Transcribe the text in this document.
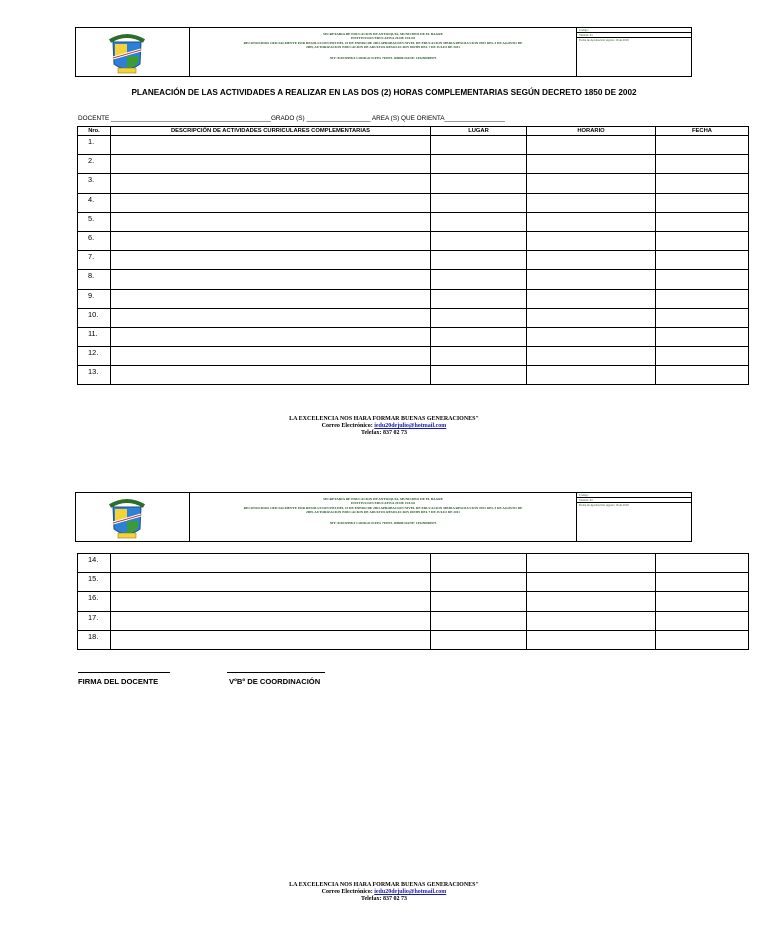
SECRETARIA DE EDUCACION DE ANTIOQUIA, MUNICIPIO DE EL BAGRE
INSTITUCION EDUCATIVA 20 DE JULIO
RECONOCIDOS OFICIALMENTE POR RESOLUCION 0919 DEL 23 DE ENERO DE 2003 APROBACION NIVEL DE EDUCACION MEDIA RESOLUCION 0931 DEL 5 DE AGOSTO DE
2009, AUTORIZACION EDUCACION DE ADULTOS RESOLUCION 020399 DEL 7 DE JULIO DE 2011
NIT: 811032998-9 CODIGO ICFES 703975-169686 DANE: 105250000975
Código:
Versión: 01
Fecha de Aprobación: Agosto 16 de 2019
PLANEACIÓN DE LAS ACTIVIDADES A REALIZAR EN LAS DOS (2) HORAS COMPLEMENTARIAS SEGÚN DECRETO 1850 DE 2002
DOCENTE _____________________________________________GRADO (S) __________________ AREA (S) QUE ORIENTA_________________
Nro.	DESCRIPCIÓN DE ACTIVIDADES CURRICULARES COMPLEMENTARIAS	LUGAR	HORARIO	FECHA
1.				
2.				
3.				
4.				
5.				
6.				
7.				
8.				
9.				
10.				
11.				
12.				
13.				
LA EXCELENCIA NOS HARA FORMAR BUENAS GENERACIONES"
Correo Electrónico: iedu20dejulio@hotmail.com
Telefax: 837 02 73
SECRETARIA DE EDUCACION DE ANTIOQUIA, MUNICIPIO DE EL BAGRE
INSTITUCION EDUCATIVA 20 DE JULIO
RECONOCIDOS OFICIALMENTE POR RESOLUCION 0919 DEL 23 DE ENERO DE 2003 APROBACION NIVEL DE EDUCACION MEDIA RESOLUCION 0931 DEL 5 DE AGOSTO DE
2009, AUTORIZACION EDUCACION DE ADULTOS RESOLUCION 020399 DEL 7 DE JULIO DE 2011
NIT: 811032998-9 CODIGO ICFES 703975-169686 DANE: 105250000975
Código:
Versión: 01
Fecha de Aprobación: Agosto 16 de 2019
14.				
15.				
16.				
17.				
18.				
FIRMA DEL DOCENTE	VºBº DE COORDINACIÓN
LA EXCELENCIA NOS HARA FORMAR BUENAS GENERACIONES"
Correo Electrónico: iedu20dejulio@hotmail.com
Telefax: 837 02 73
